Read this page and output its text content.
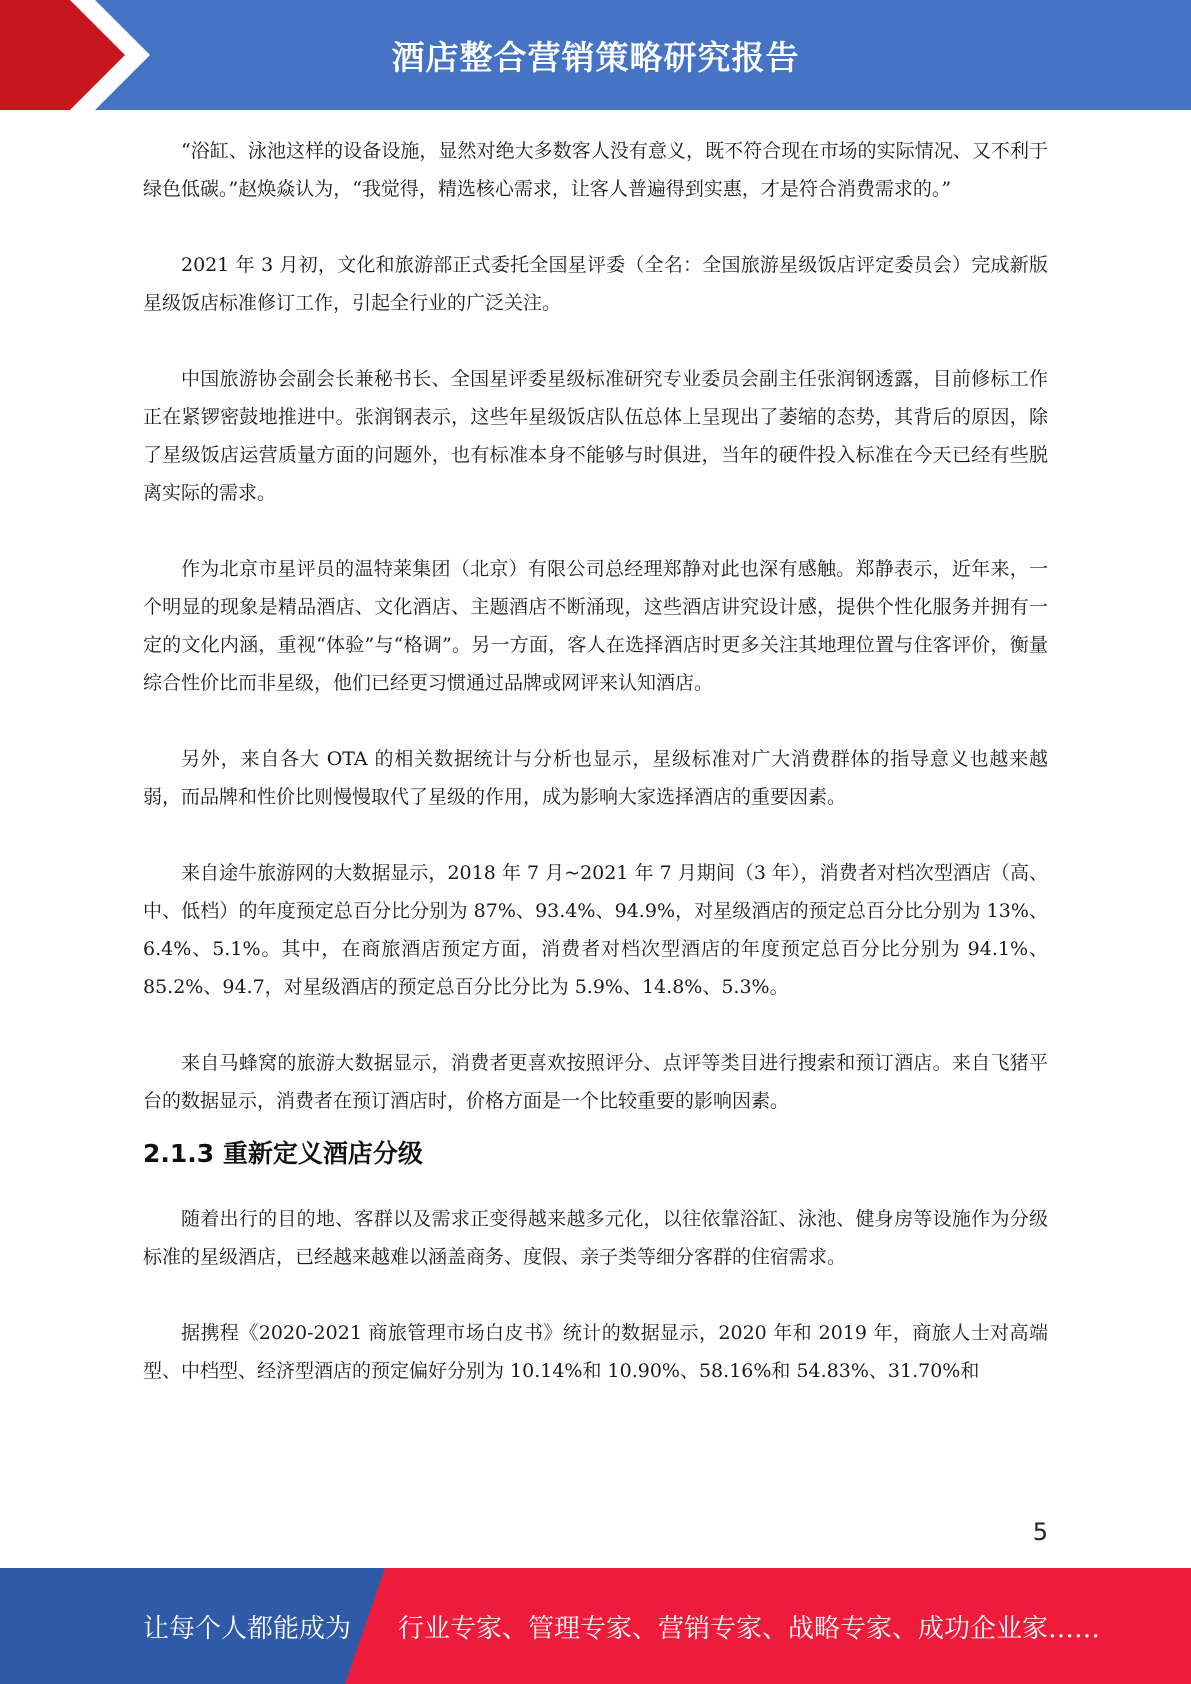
酒店整合营销策略研究报告

“浴缸、泳池这样的设备设施，显然对绝大多数客人没有意义，既不符合现在市场的实际情况、又不利于绿色低碳。”赵焕焱认为，“我觉得，精选核心需求，让客人普遍得到实惠，才是符合消费需求的。”

2021 年 3 月初，文化和旅游部正式委托全国星评委（全名：全国旅游星级饭店评定委员会）完成新版星级饭店标准修订工作，引起全行业的广泛关注。

中国旅游协会副会长兼秘书长、全国星评委星级标准研究专业委员会副主任张润钢透露，目前修标工作正在紧锣密鼓地推进中。张润钢表示，这些年星级饭店队伍总体上呈现出了萎缩的态势，其背后的原因，除了星级饭店运营质量方面的问题外，也有标准本身不能够与时俱进，当年的硬件投入标准在今天已经有些脱离实际的需求。

作为北京市星评员的温特莱集团（北京）有限公司总经理郑静对此也深有感触。郑静表示，近年来，一个明显的现象是精品酒店、文化酒店、主题酒店不断涌现，这些酒店讲究设计感，提供个性化服务并拥有一定的文化内涵，重视“体验”与“格调”。另一方面，客人在选择酒店时更多关注其地理位置与住客评价，衡量综合性价比而非星级，他们已经更习惯通过品牌或网评来认知酒店。

另外，来自各大 OTA 的相关数据统计与分析也显示，星级标准对广大消费群体的指导意义也越来越弱，而品牌和性价比则慢慢取代了星级的作用，成为影响大家选择酒店的重要因素。

来自途牛旅游网的大数据显示，2018 年 7 月~2021 年 7 月期间（3 年），消费者对档次型酒店（高、中、低档）的年度预定总百分比分别为 87%、93.4%、94.9%，对星级酒店的预定总百分比分别为 13%、6.4%、5.1%。其中，在商旅酒店预定方面，消费者对档次型酒店的年度预定总百分比分别为 94.1%、85.2%、94.7，对星级酒店的预定总百分比分比为 5.9%、14.8%、5.3%。

来自马蜂窝的旅游大数据显示，消费者更喜欢按照评分、点评等类目进行搜索和预订酒店。来自飞猪平台的数据显示，消费者在预订酒店时，价格方面是一个比较重要的影响因素。

2.1.3 重新定义酒店分级

随着出行的目的地、客群以及需求正变得越来越多元化，以往依靠浴缸、泳池、健身房等设施作为分级标准的星级酒店，已经越来越难以涵盖商务、度假、亲子类等细分客群的住宿需求。

据携程《2020-2021 商旅管理市场白皮书》统计的数据显示，2020 年和 2019 年，商旅人士对高端型、中档型、经济型酒店的预定偏好分别为 10.14%和 10.90%、58.16%和 54.83%、31.70%和

5
让每个人都能成为 行业专家、管理专家、营销专家、战略专家、成功企业家……
